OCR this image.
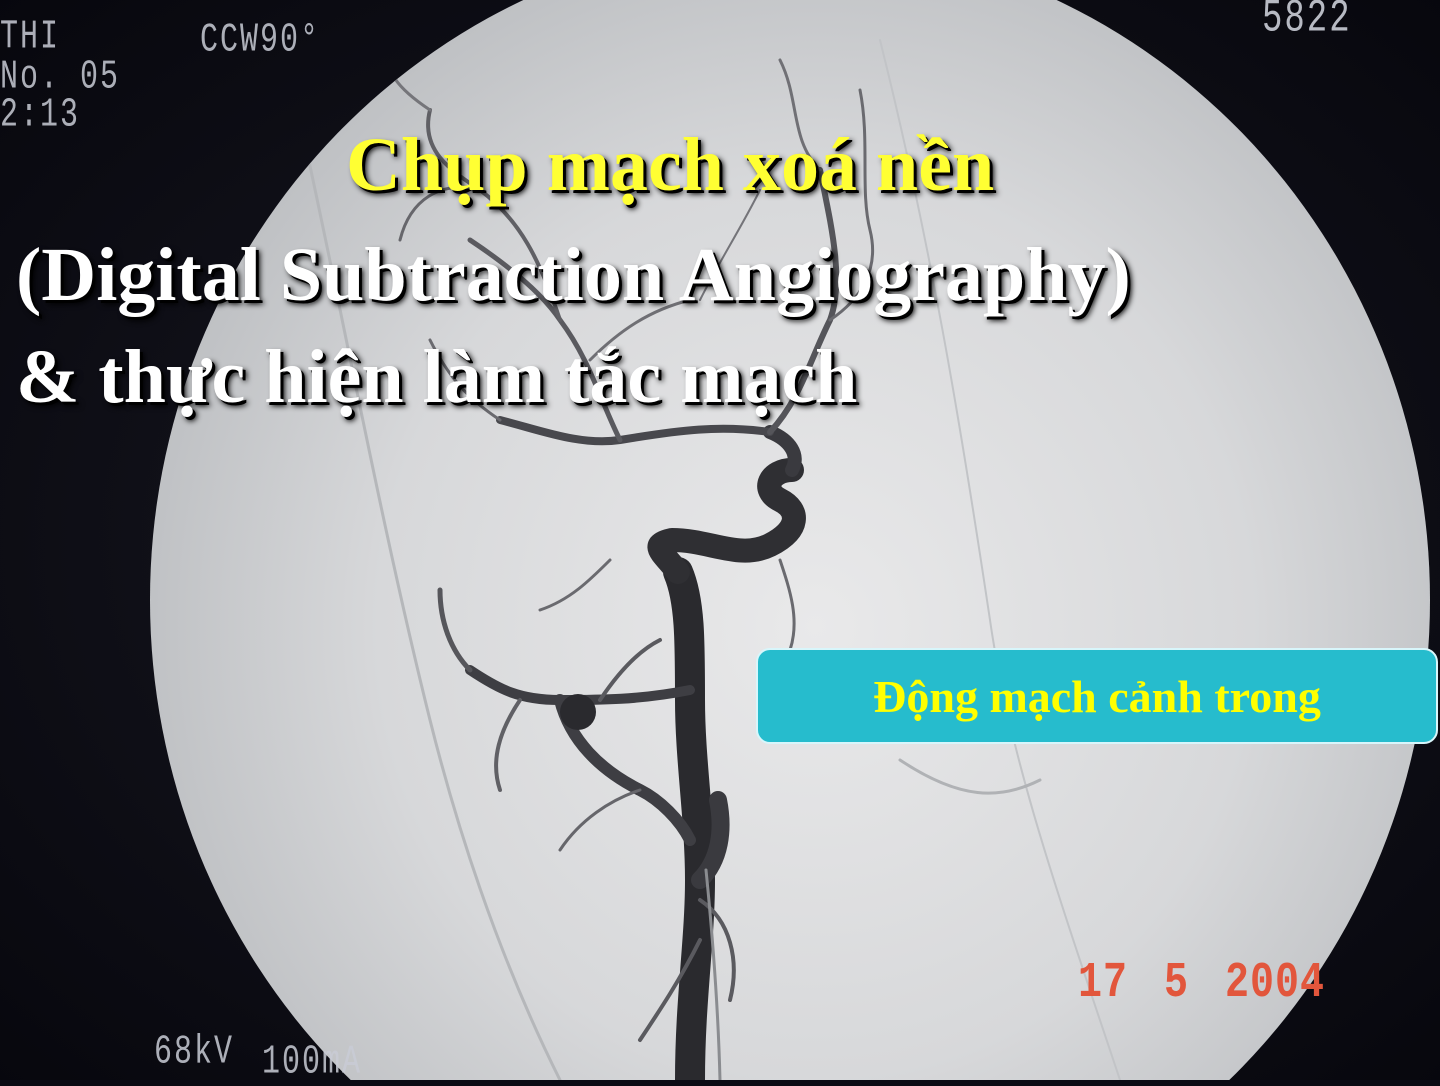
THI
No. 05
2:13
CCW90°	5822
68kV 100mA
17 5 2004
Chụp mạch xoá nền
(Digital Subtraction Angiography)
& thực hiện làm tắc mạch
Động mạch cảnh trong
